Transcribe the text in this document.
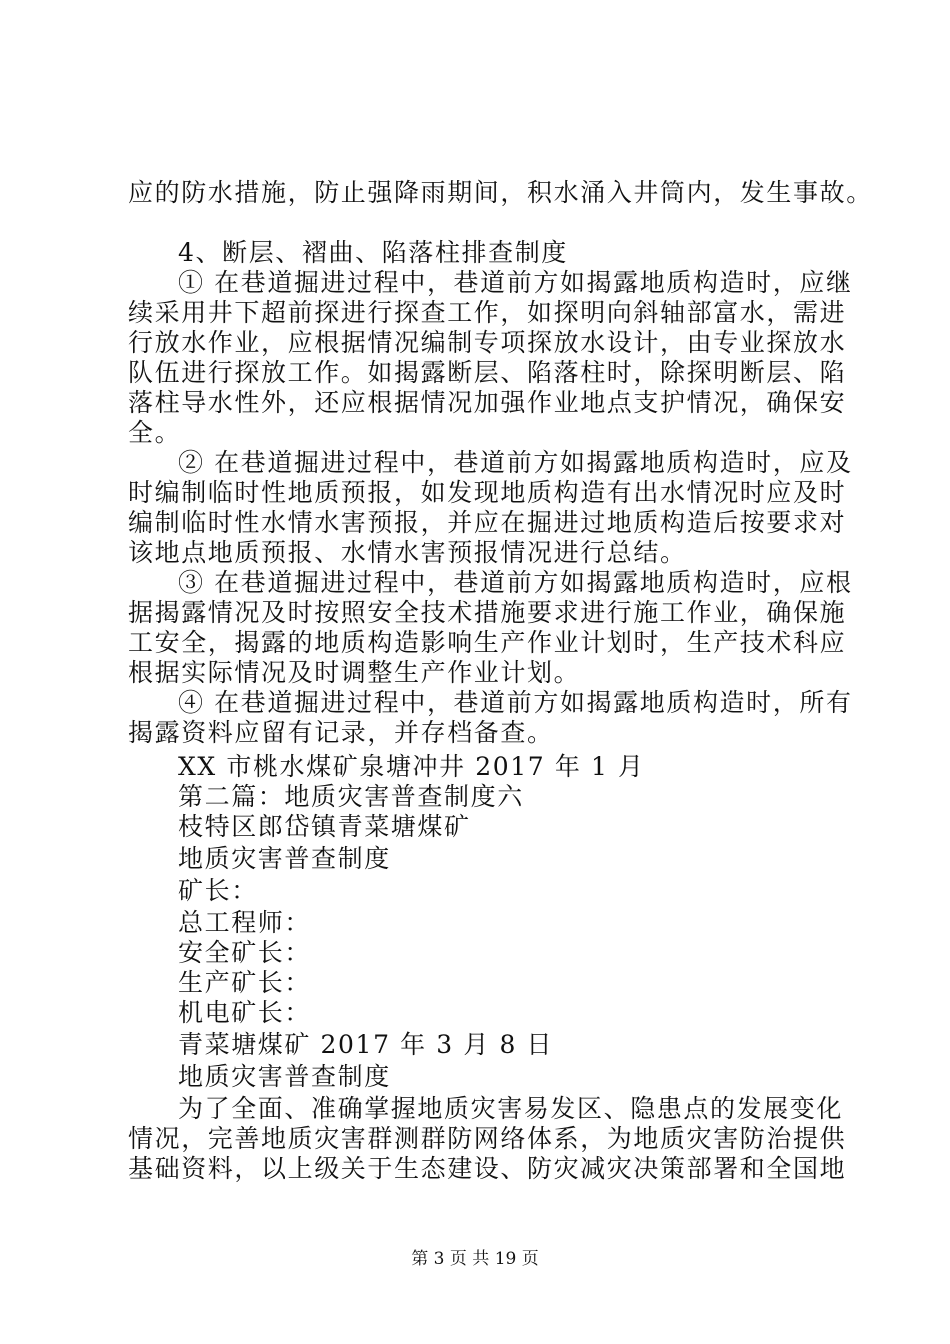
应的防水措施，防止强降雨期间，积水涌入井筒内，发生事故。
4、断层、褶曲、陷落柱排查制度
① 在巷道掘进过程中，巷道前方如揭露地质构造时，应继
续采用井下超前探进行探查工作，如探明向斜轴部富水，需进
行放水作业，应根据情况编制专项探放水设计，由专业探放水
队伍进行探放工作。如揭露断层、陷落柱时，除探明断层、陷
落柱导水性外，还应根据情况加强作业地点支护情况，确保安
全。
② 在巷道掘进过程中，巷道前方如揭露地质构造时，应及
时编制临时性地质预报，如发现地质构造有出水情况时应及时
编制临时性水情水害预报，并应在掘进过地质构造后按要求对
该地点地质预报、水情水害预报情况进行总结。
③ 在巷道掘进过程中，巷道前方如揭露地质构造时，应根
据揭露情况及时按照安全技术措施要求进行施工作业，确保施
工安全，揭露的地质构造影响生产作业计划时，生产技术科应
根据实际情况及时调整生产作业计划。
④ 在巷道掘进过程中，巷道前方如揭露地质构造时，所有
揭露资料应留有记录，并存档备查。
XX 市桃水煤矿泉塘冲井 2017 年 1 月
第二篇：地质灾害普查制度六
枝特区郎岱镇青菜塘煤矿
地质灾害普查制度
矿长：
总工程师：
安全矿长：
生产矿长：
机电矿长：
青菜塘煤矿 2017 年 3 月 8 日
地质灾害普查制度
为了全面、准确掌握地质灾害易发区、隐患点的发展变化
情况，完善地质灾害群测群防网络体系，为地质灾害防治提供
基础资料，以上级关于生态建设、防灾减灾决策部署和全国地
第 3 页 共 19 页
